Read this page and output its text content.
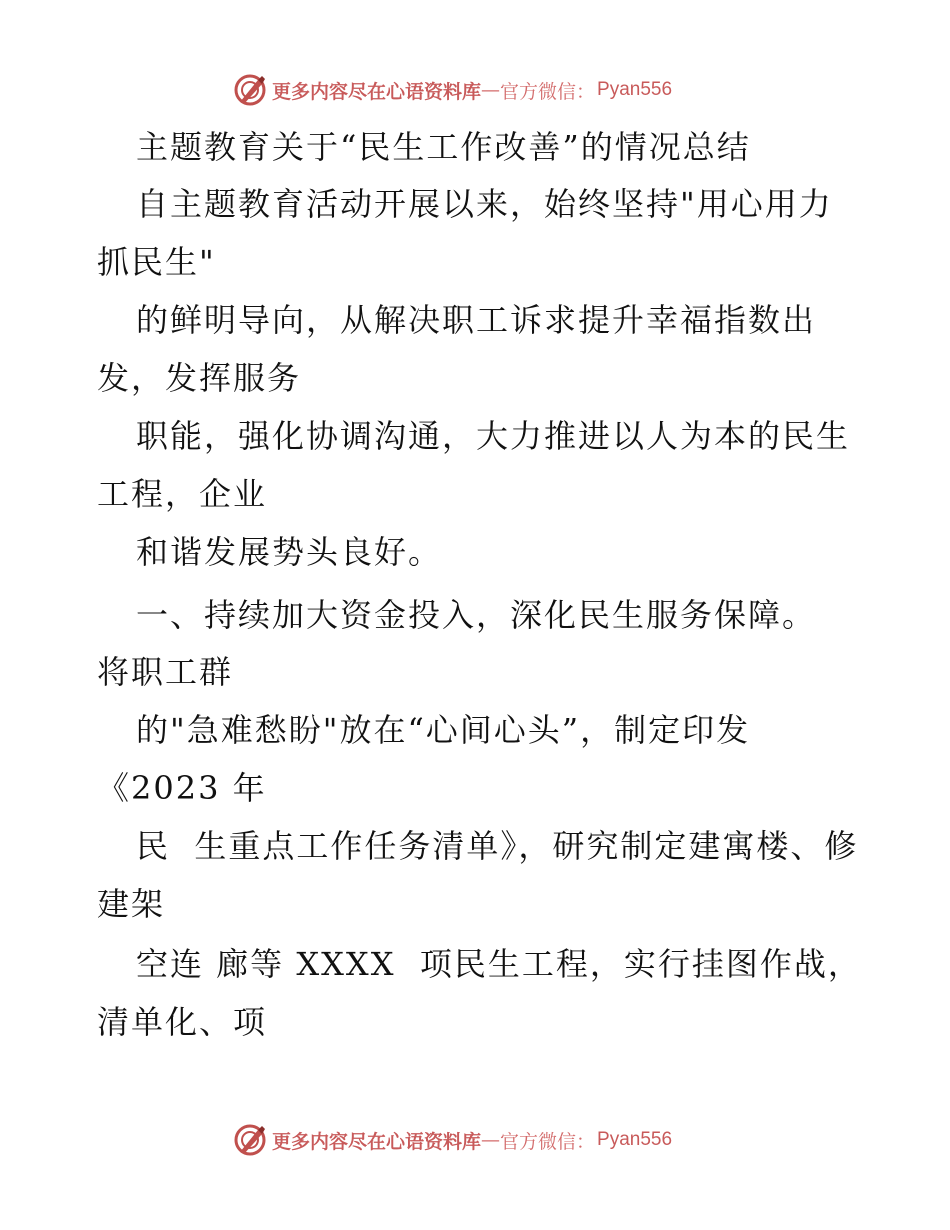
更多内容尽在心语资料库 — 官方微信： Pyan556
主题教育关于“民生工作改善”的情况总结
自主题教育活动开展以来，始终坚持"用心用力
抓民生"
的鲜明导向，从解决职工诉求提升幸福指数出
发，发挥服务
职能，强化协调沟通，大力推进以人为本的民生
工程，企业
和谐发展势头良好。
一、持续加大资金投入，深化民生服务保障。
将职工群
的"急难愁盼"放在“心间心头”，制定印发
《2023 年
民  生重点工作任务清单》，研究制定建寓楼、修
建架
空连 廊等 XXXX  项民生工程，实行挂图作战，
清单化、项
更多内容尽在心语资料库 — 官方微信： Pyan556
